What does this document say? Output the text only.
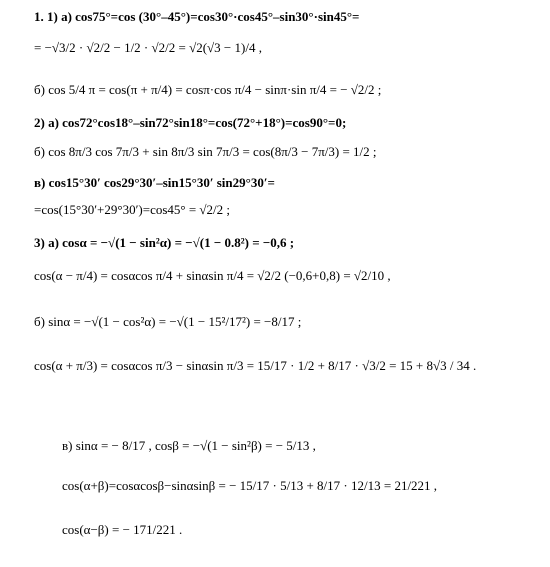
1. 1) а) cos75°=cos (30°–45°)=cos30°·cos45°–sin30°·sin45°=
= −√3/2 · √2/2 − 1/2 · √2/2 = √2(√3 − 1)/4 ,
б) cos 5/4 π = cos(π + π/4) = cosπ·cos π/4 − sinπ·sin π/4 = − √2/2 ;
2) а) cos72°cos18°–sin72°sin18°=cos(72°+18°)=cos90°=0;
б) cos 8π/3 cos 7π/3 + sin 8π/3 sin 7π/3 = cos(8π/3 − 7π/3) = 1/2 ;
в) cos15°30′ cos29°30′–sin15°30′ sin29°30′=
=cos(15°30′+29°30′)=cos45° = √2/2 ;
3) а) cosα = −√(1 − sin²α) = −√(1 − 0.8²) = −0,6 ;
cos(α − π/4) = cosαcos π/4 + sinαsin π/4 = √2/2 (−0,6+0,8) = √2/10 ,
б) sinα = −√(1 − cos²α) = −√(1 − 15²/17²) = −8/17 ;
cos(α + π/3) = cosαcos π/3 − sinαsin π/3 = 15/17 · 1/2 + 8/17 · √3/2 = 15 + 8√3 / 34 .
в) sinα = − 8/17 , cosβ = −√(1 − sin²β) = − 5/13 ,
cos(α+β)=cosαcosβ−sinαsinβ = − 15/17 · 5/13 + 8/17 · 12/13 = 21/221 ,
cos(α−β) = − 171/221 .
